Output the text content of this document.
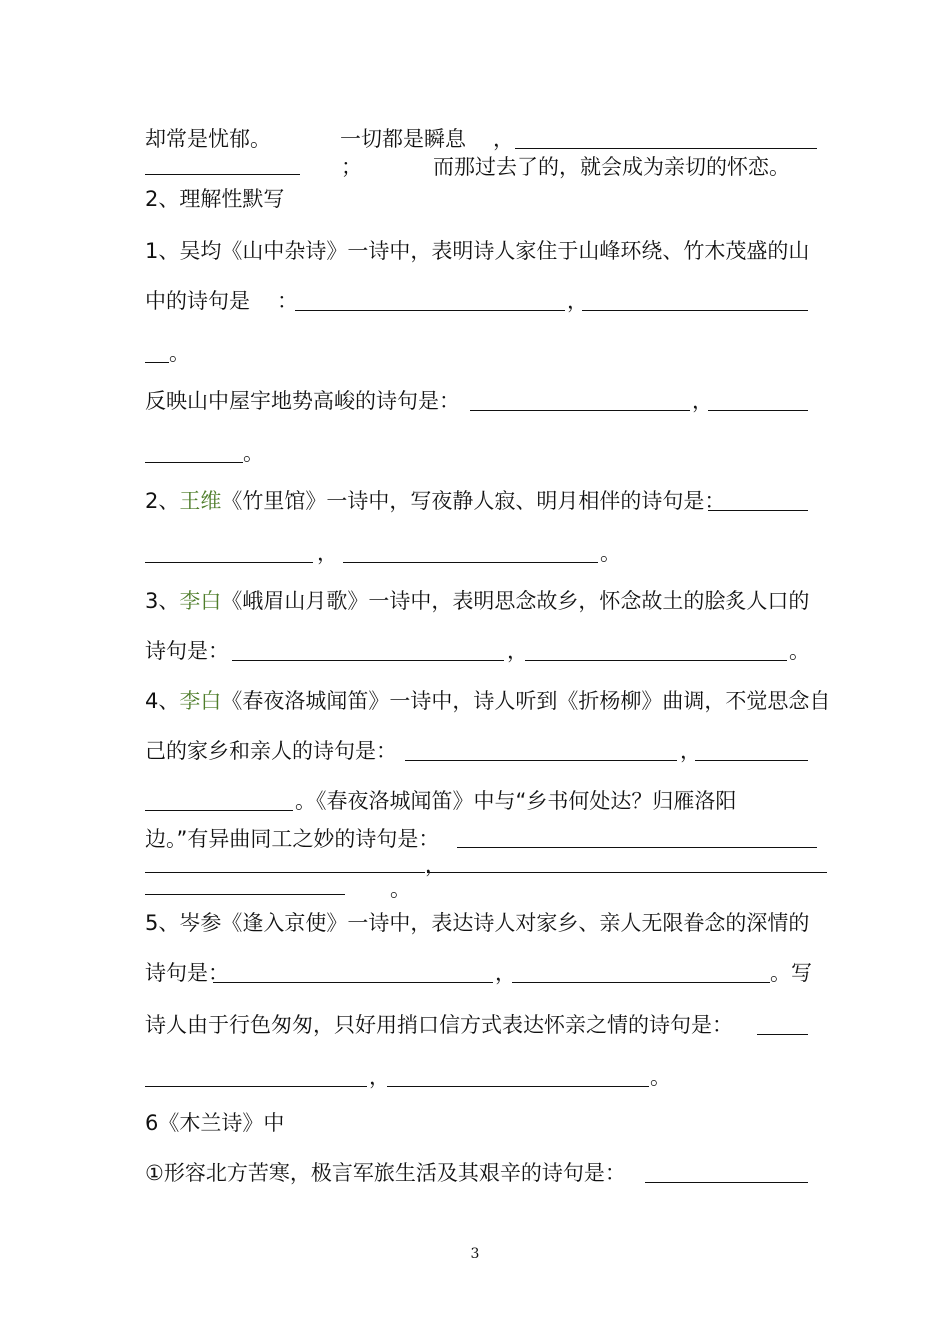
却常是忧郁。	一切都是瞬息 ，
；	而那过去了的，就会成为亲切的怀恋。
2、理解性默写
1、吴均《山中杂诗》一诗中，表明诗人家住于山峰环绕、竹木茂盛的山
中的诗句是 ：	，
。
反映山中屋宇地势高峻的诗句是：	，
。
2、王维《竹里馆》一诗中，写夜静人寂、明月相伴的诗句是：
，	。
3、李白《峨眉山月歌》一诗中，表明思念故乡，怀念故土的脍炙人口的
诗句是：	，	。
4、李白《春夜洛城闻笛》一诗中，诗人听到《折杨柳》曲调，不觉思念自
己的家乡和亲人的诗句是：	，
。《春夜洛城闻笛》中与“乡书何处达？归雁洛阳
边。”有异曲同工之妙的诗句是：
，
。
5、岑参《逢入京使》一诗中，表达诗人对家乡、亲人无限眷念的深情的
诗句是：	，	。写
诗人由于行色匆匆，只好用捎口信方式表达怀亲之情的诗句是：
，	。
6《木兰诗》中
①形容北方苦寒，极言军旅生活及其艰辛的诗句是：
3
